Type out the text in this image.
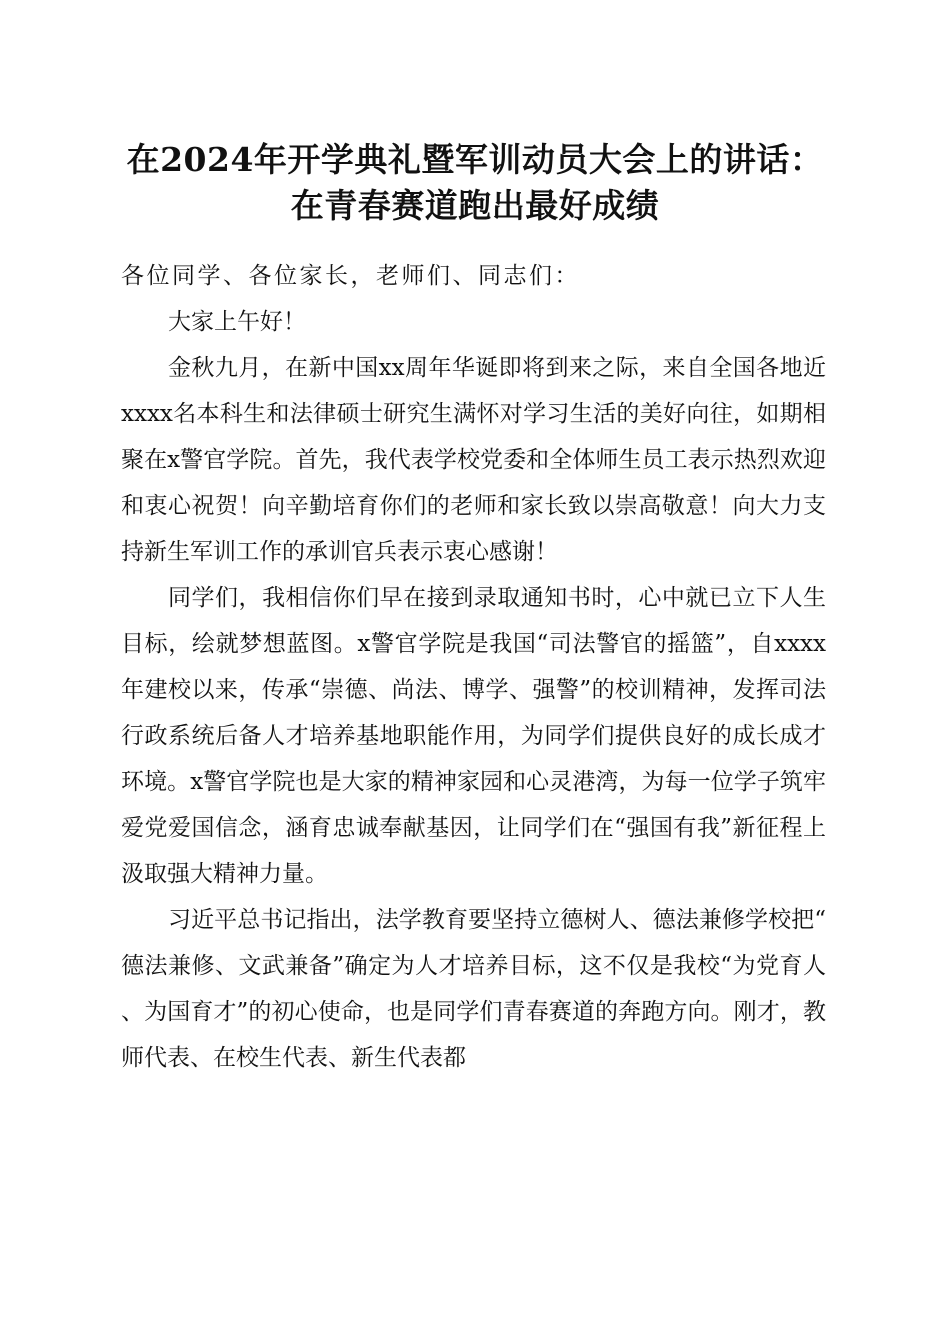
在2024年开学典礼暨军训动员大会上的讲话：
在青春赛道跑出最好成绩

各位同学、各位家长，老师们、同志们：

大家上午好！

金秋九月，在新中国xx周年华诞即将到来之际，来自全国各地近xxxx名本科生和法律硕士研究生满怀对学习生活的美好向往，如期相聚在x警官学院。首先，我代表学校党委和全体师生员工表示热烈欢迎和衷心祝贺！向辛勤培育你们的老师和家长致以崇高敬意！向大力支持新生军训工作的承训官兵表示衷心感谢！

同学们，我相信你们早在接到录取通知书时，心中就已立下人生目标，绘就梦想蓝图。x警官学院是我国“司法警官的摇篮”，自xxxx年建校以来，传承“崇德、尚法、博学、强警”的校训精神，发挥司法行政系统后备人才培养基地职能作用，为同学们提供良好的成长成才环境。x警官学院也是大家的精神家园和心灵港湾，为每一位学子筑牢爱党爱国信念，涵育忠诚奉献基因，让同学们在“强国有我”新征程上汲取强大精神力量。

习近平总书记指出，法学教育要坚持立德树人、德法兼修学校把“德法兼修、文武兼备”确定为人才培养目标，这不仅是我校“为党育人、为国育才”的初心使命，也是同学们青春赛道的奔跑方向。刚才，教师代表、在校生代表、新生代表都
